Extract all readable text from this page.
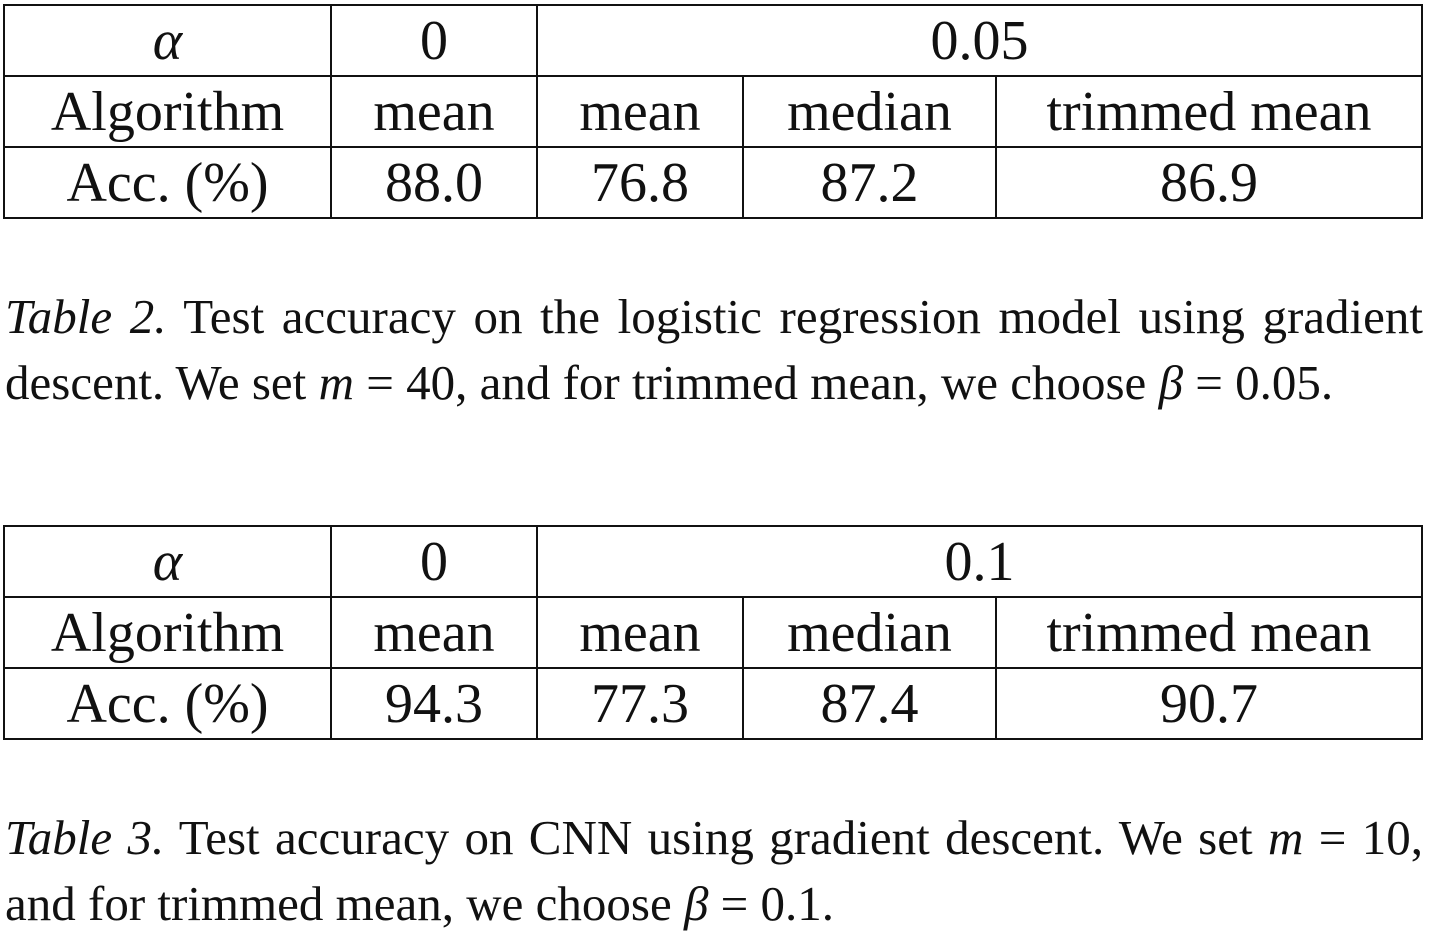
α	0	0.05		
Algorithm	mean	mean	median	trimmed mean
Acc. (%)	88.0	76.8	87.2	86.9

Table 2. Test accuracy on the logistic regression model using gradient descent. We set m = 40, and for trimmed mean, we choose β = 0.05.

α	0	0.1		
Algorithm	mean	mean	median	trimmed mean
Acc. (%)	94.3	77.3	87.4	90.7

Table 3. Test accuracy on CNN using gradient descent. We set m = 10, and for trimmed mean, we choose β = 0.1.
